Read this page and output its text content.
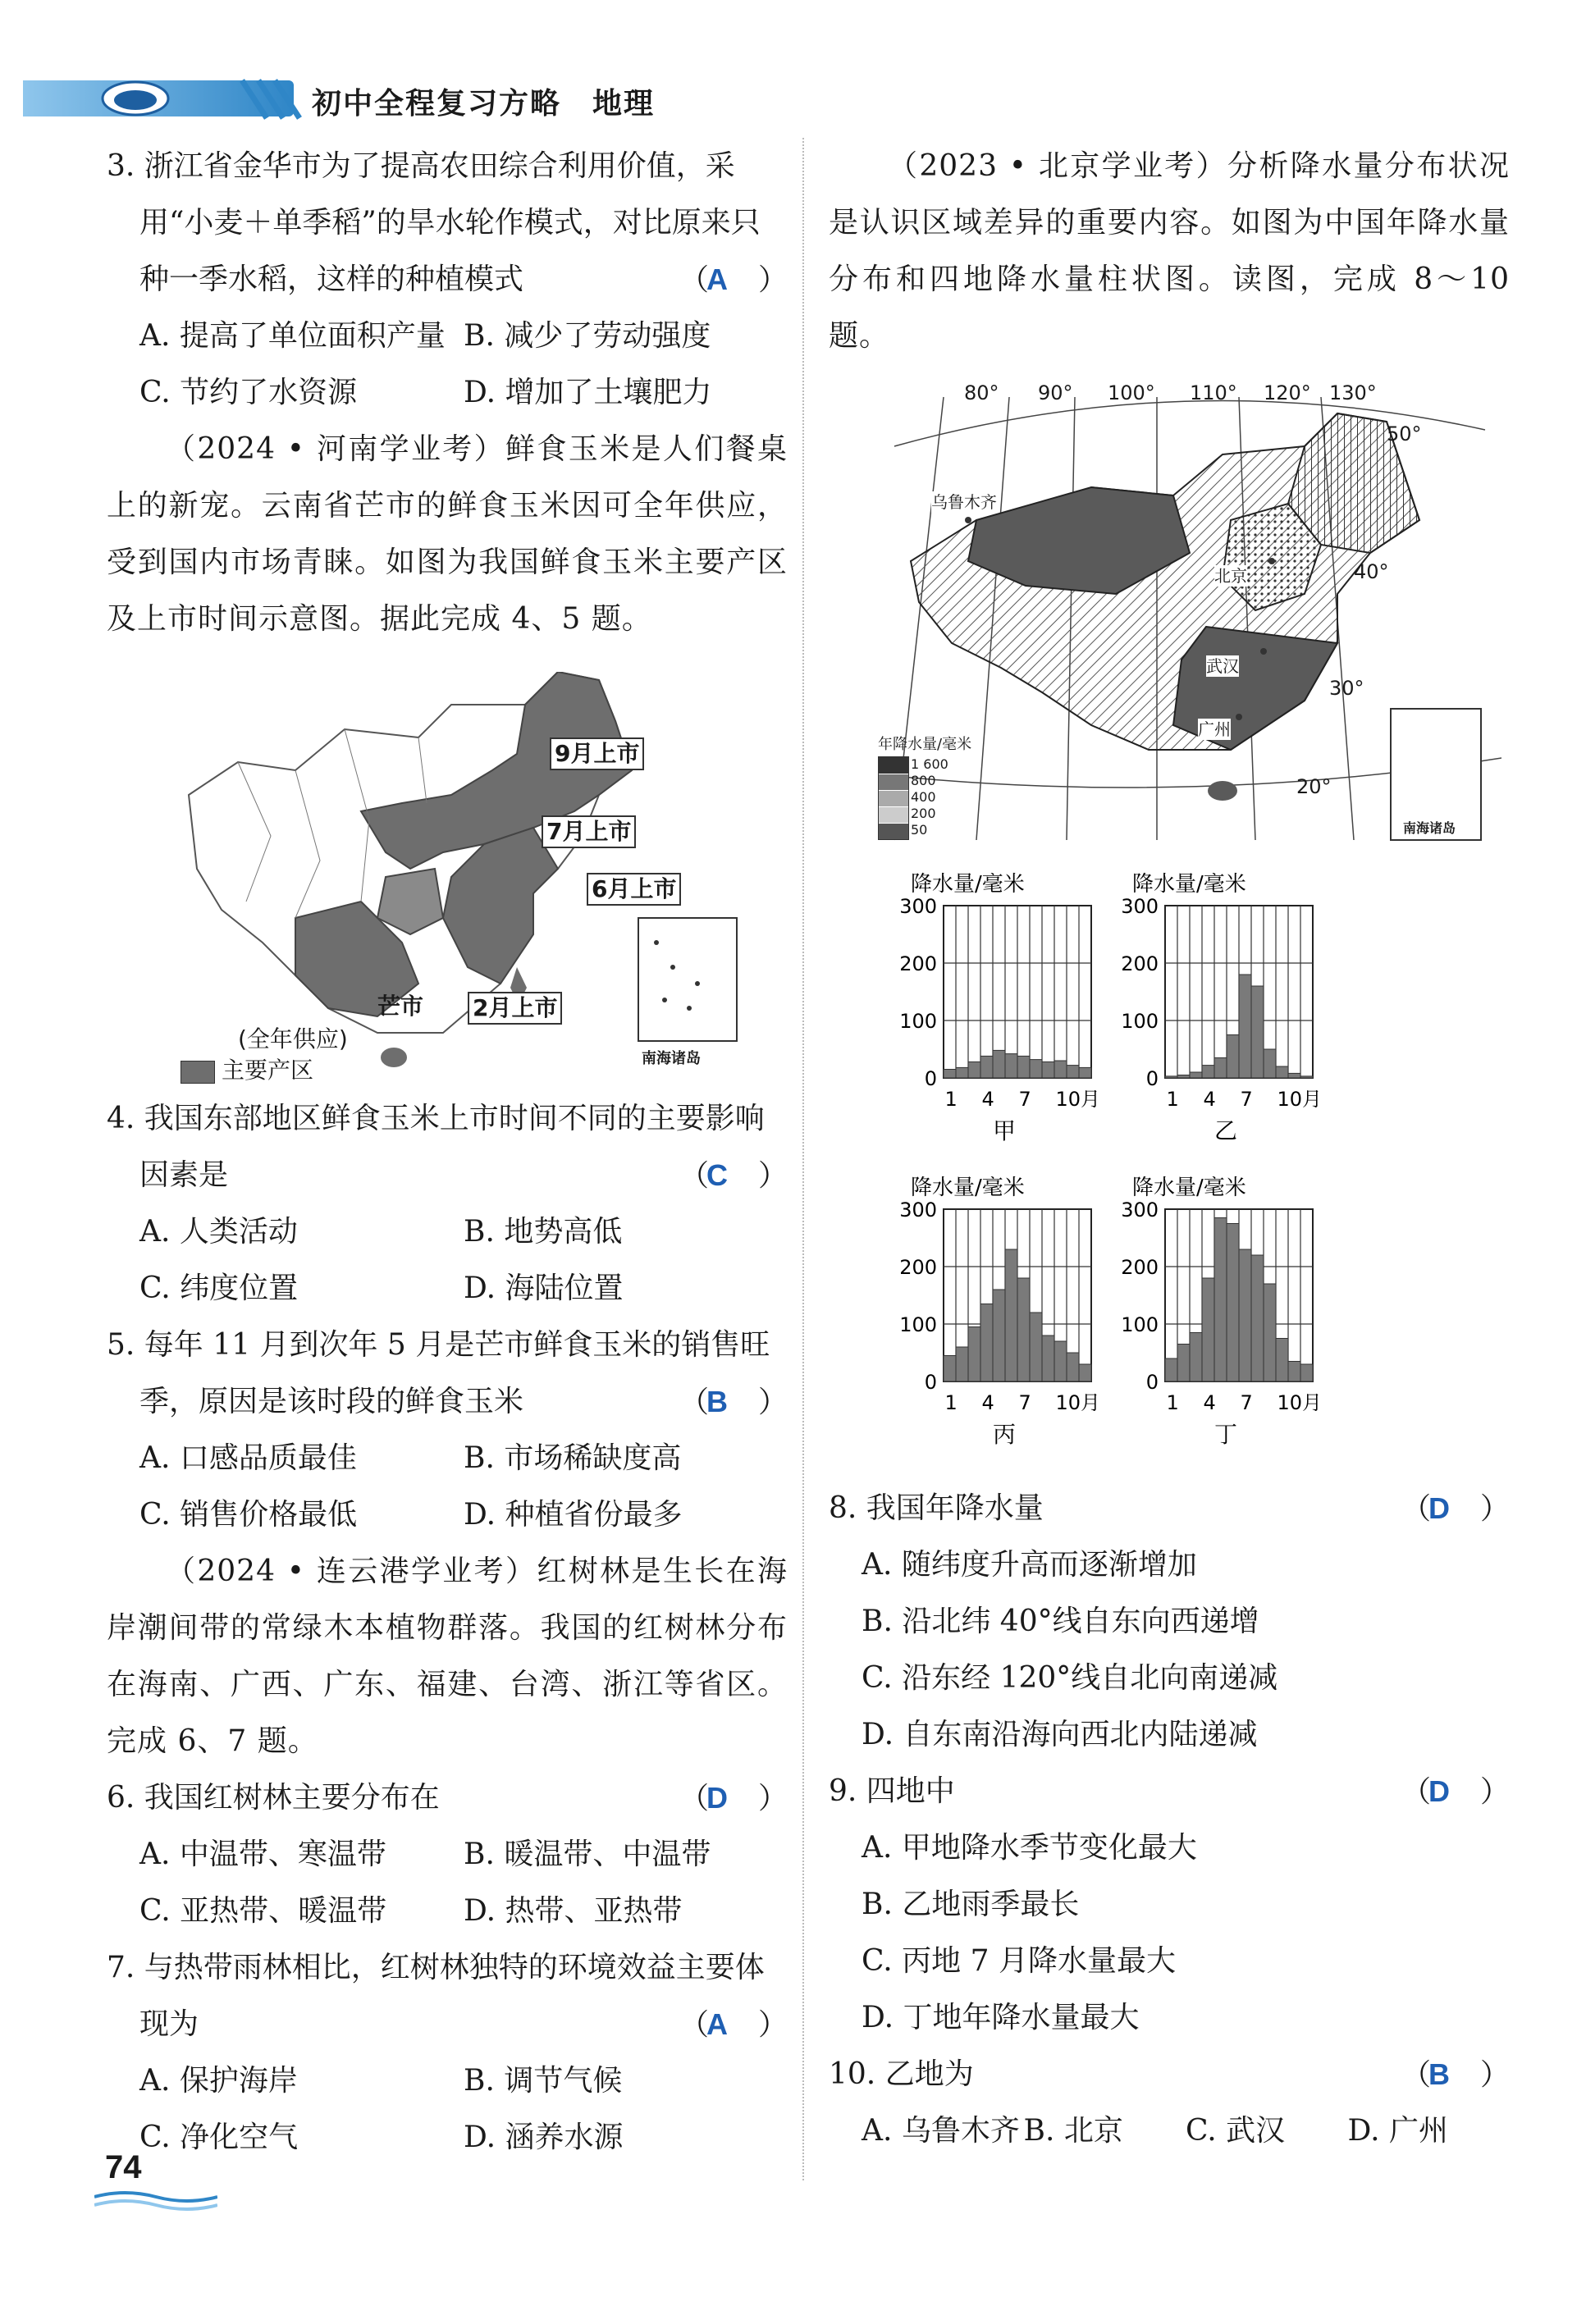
初中全程复习方略　地理
3. 浙江省金华市为了提高农田综合利用价值，采用“小麦＋单季稻”的旱水轮作模式，对比原来只种一季水稻，这样的种植模式	（A ）
A. 提高了单位面积产量 B. 减少了劳动强度
C. 节约了水资源	D. 增加了土壤肥力
（2024 • 河南学业考）鲜食玉米是人们餐桌上的新宠。云南省芒市的鲜食玉米因可全年供应，受到国内市场青睐。如图为我国鲜食玉米主要产区及上市时间示意图。据此完成 4、5 题。
9月上市
7月上市
6月上市
2月上市
芒市
(全年供应)
主要产区	南海诸岛
4. 我国东部地区鲜食玉米上市时间不同的主要影响因素是	（C ）
A. 人类活动	B. 地势高低
C. 纬度位置	D. 海陆位置
5. 每年 11 月到次年 5 月是芒市鲜食玉米的销售旺季，原因是该时段的鲜食玉米	（B ）
A. 口感品质最佳	B. 市场稀缺度高
C. 销售价格最低	D. 种植省份最多
（2024 • 连云港学业考）红树林是生长在海岸潮间带的常绿木本植物群落。我国的红树林分布在海南、广西、广东、福建、台湾、浙江等省区。完成 6、7 题。
6. 我国红树林主要分布在	（D ）
A. 中温带、寒温带	B. 暖温带、中温带
C. 亚热带、暖温带	D. 热带、亚热带
7. 与热带雨林相比，红树林独特的环境效益主要体现为	（A ）
A. 保护海岸	B. 调节气候
C. 净化空气	D. 涵养水源
74
（2023 • 北京学业考）分析降水量分布状况是认识区域差异的重要内容。如图为中国年降水量分布和四地降水量柱状图。读图，完成 8～10 题。
80° 90° 100° 110° 120° 130°
50°
40°
30°
20°
乌鲁木齐
北京
武汉
广州
年降水量/毫米
1 600
800
400
200
50	南海诸岛
降水量/毫米
0
100
200
300
1 4 7 10月
甲
降水量/毫米
0
100
200
300
1 4 7 10月
乙
降水量/毫米
0
100
200
300
1 4 7 10月
丙
降水量/毫米
0
100
200
300
1 4 7 10月
丁
8. 我国年降水量	（D ）
A. 随纬度升高而逐渐增加
B. 沿北纬 40°线自东向西递增
C. 沿东经 120°线自北向南递减
D. 自东南沿海向西北内陆递减
9. 四地中	（D ）
A. 甲地降水季节变化最大
B. 乙地雨季最长
C. 丙地 7 月降水量最大
D. 丁地年降水量最大
10. 乙地为	（B ）
A. 乌鲁木齐 B. 北京	C. 武汉	D. 广州
